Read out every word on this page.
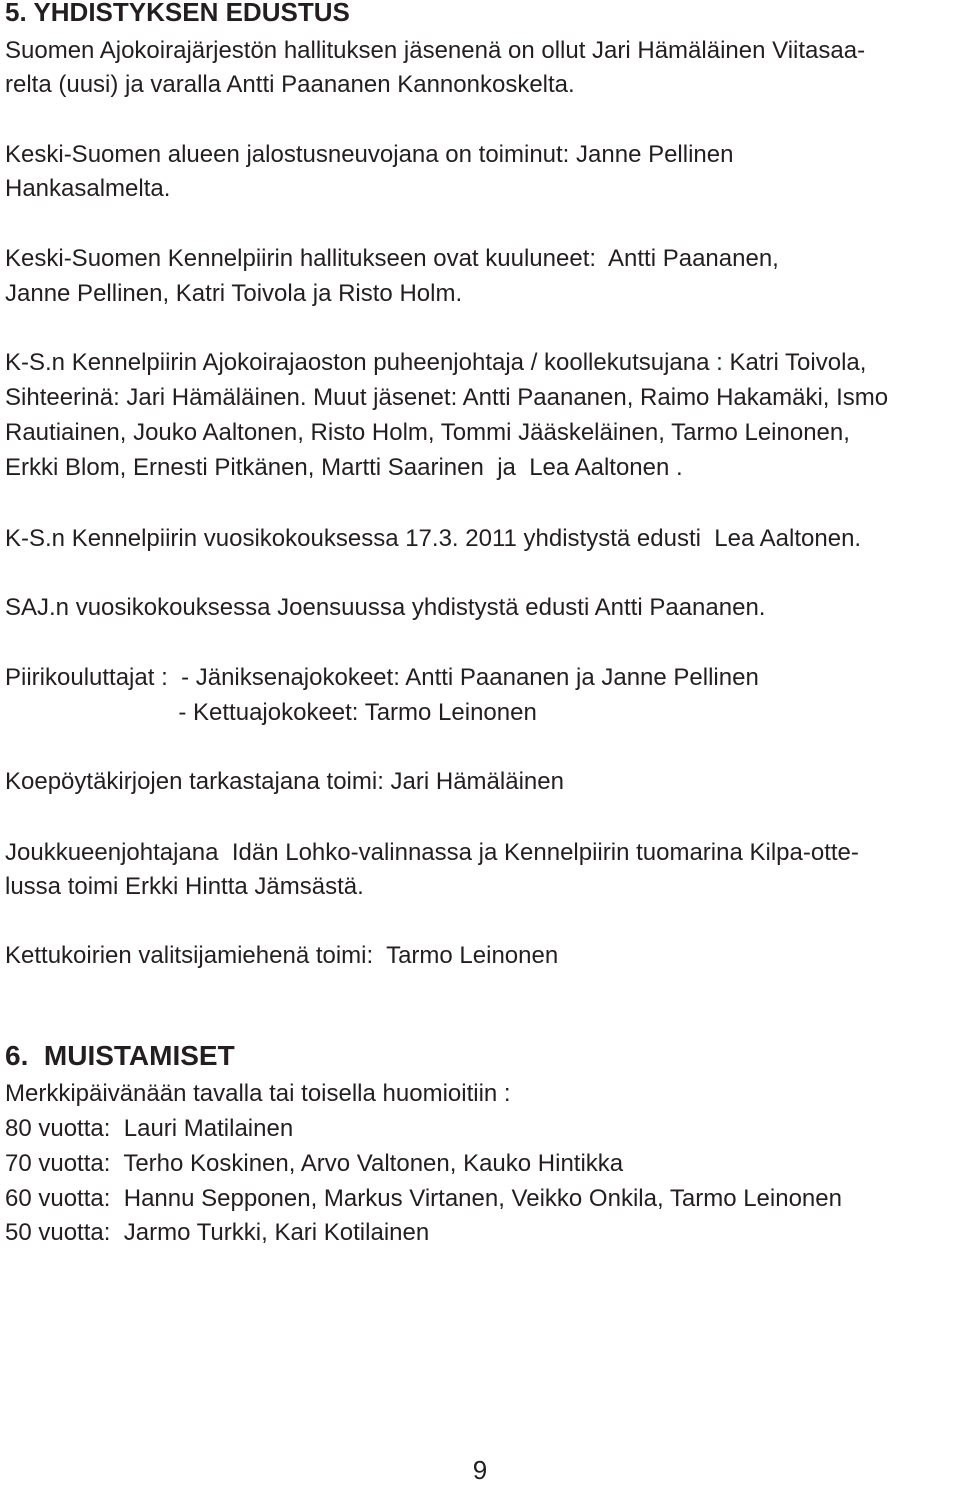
5. YHDISTYKSEN EDUSTUS
Suomen Ajokoirajärjestön hallituksen jäsenenä on ollut Jari Hämäläinen Viitasaa-
relta (uusi) ja varalla Antti Paananen Kannonkoskelta.
Keski-Suomen alueen jalostusneuvojana on toiminut: Janne Pellinen
Hankasalmelta.
Keski-Suomen Kennelpiirin hallitukseen ovat kuuluneet:  Antti Paananen,
Janne Pellinen, Katri Toivola ja Risto Holm.
K-S.n Kennelpiirin Ajokoirajaoston puheenjohtaja / koollekutsujana : Katri Toivola,
Sihteerinä: Jari Hämäläinen. Muut jäsenet: Antti Paananen, Raimo Hakamäki, Ismo
Rautiainen, Jouko Aaltonen, Risto Holm, Tommi Jääskeläinen, Tarmo Leinonen,
Erkki Blom, Ernesti Pitkänen, Martti Saarinen  ja  Lea Aaltonen .
K-S.n Kennelpiirin vuosikokouksessa 17.3. 2011 yhdistystä edusti  Lea Aaltonen.
SAJ.n vuosikokouksessa Joensuussa yhdistystä edusti Antti Paananen.
Piirikouluttajat :  - Jäniksenajokokeet: Antti Paananen ja Janne Pellinen
- Kettuajokokeet: Tarmo Leinonen
Koepöytäkirjojen tarkastajana toimi: Jari Hämäläinen
Joukkueenjohtajana  Idän Lohko-valinnassa ja Kennelpiirin tuomarina Kilpa-otte-
lussa toimi Erkki Hintta Jämsästä.
Kettukoirien valitsijamiehenä toimi:  Tarmo Leinonen
6.  MUISTAMISET
Merkkipäivänään tavalla tai toisella huomioitiin :
80 vuotta:  Lauri Matilainen
70 vuotta:  Terho Koskinen, Arvo Valtonen, Kauko Hintikka
60 vuotta:  Hannu Sepponen, Markus Virtanen, Veikko Onkila, Tarmo Leinonen
50 vuotta:  Jarmo Turkki, Kari Kotilainen
9
